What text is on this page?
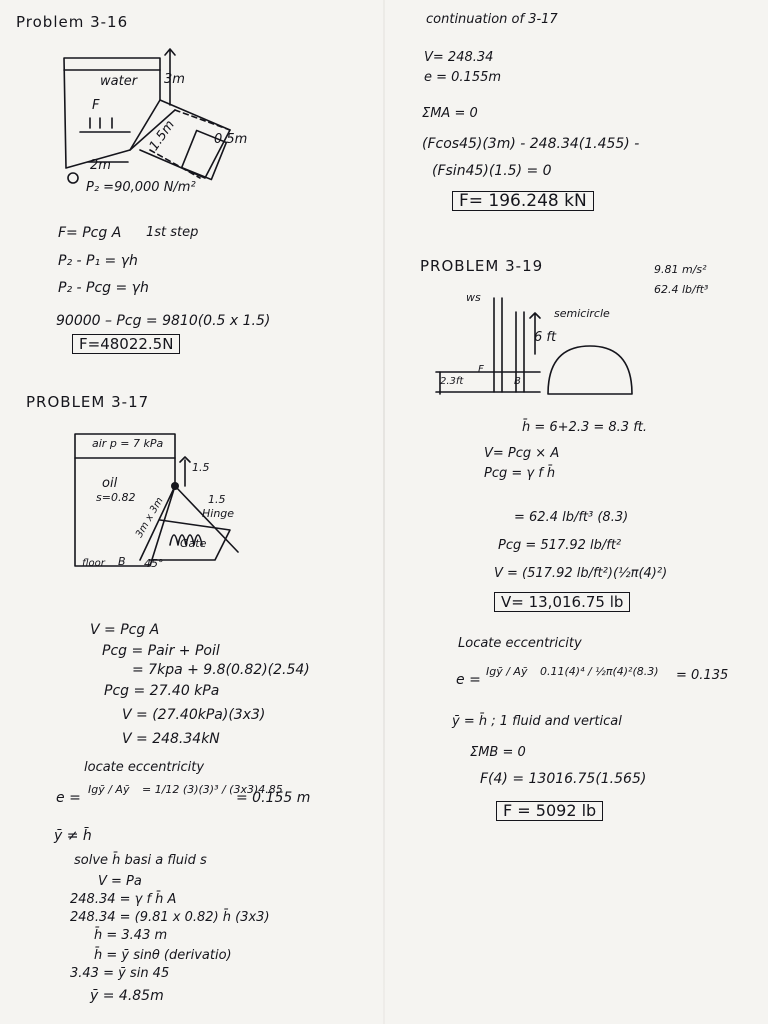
Problem 3-16
water 3m
F
1.5m	0.5m
2m
P₂ =90,000 N/m²
F= Pcg A 1st step
P₂ - P₁ = γh
P₂ - Pcg = γh
90000 – Pcg = 9810(0.5 x 1.5)
F=48022.5N
PROBLEM 3-17
air p = 7 kPa
oil
s=0.82
1.5
3m x 3m	1.5
Hinge
Gate
floor B 45°
V = Pcg A
Pcg = Pair + Poil
= 7kpa + 9.8(0.82)(2.54)
Pcg = 27.40 kPa
V = (27.40kPa)(3x3)
V = 248.34kN
locate eccentricity
e =
Igȳ / Aȳ = 1/12 (3)(3)³ / (3x3)4.85
= 0.155 m
ȳ ≠ h̄
solve h̄ basi a fluid s
V = Pa
248.34 = γ f h̄ A
248.34 = (9.81 x 0.82) h̄ (3x3)
h̄ = 3.43 m
h̄ = ȳ sinθ (derivatio)
3.43 = ȳ sin 45
ȳ = 4.85m
continuation of 3-17
V= 248.34
e = 0.155m
ΣMA = 0
(Fcos45)(3m) - 248.34(1.455) -
(Fsin45)(1.5) = 0
F= 196.248 kN
PROBLEM 3-19	9.81 m/s²
62.4 lb/ft³
ws
semicircle
6 ft
2.3ft
F
B
h̄ = 6+2.3 = 8.3 ft.
V= Pcg × A
Pcg = γ f h̄
= 62.4 lb/ft³ (8.3)
Pcg = 517.92 lb/ft²
V = (517.92 lb/ft²)(½π(4)²)
V= 13,016.75 lb
Locate eccentricity
e =
Igȳ / Aȳ 0.11(4)⁴ / ½π(4)²(8.3) = 0.135
ȳ = h̄ ; 1 fluid and vertical
ΣMB = 0
F(4) = 13016.75(1.565)
F = 5092 lb
